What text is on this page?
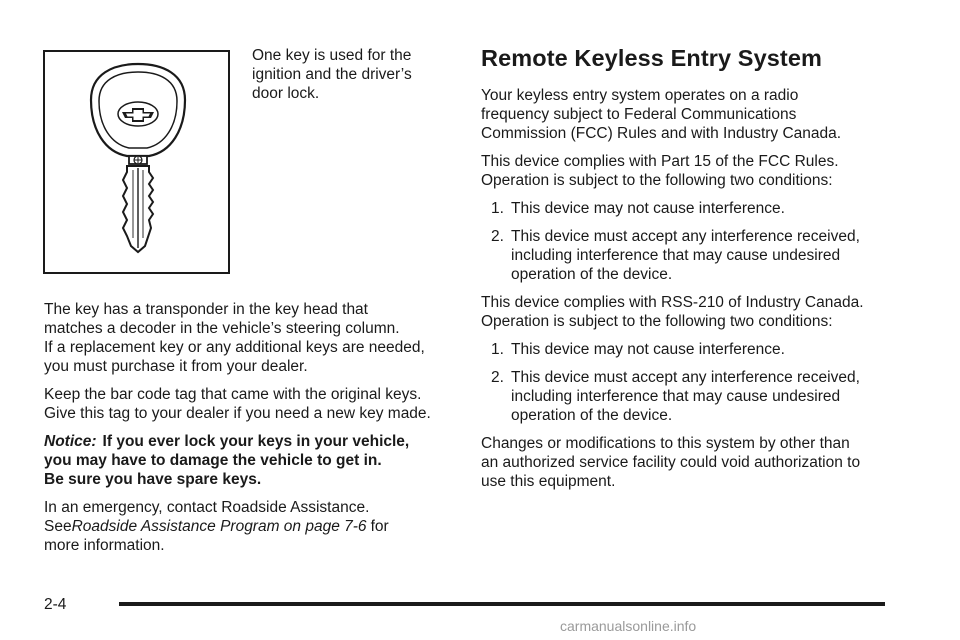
One key is used for the
ignition and the driver’s
door lock.
The key has a transponder in the key head that
matches a decoder in the vehicle’s steering column.
If a replacement key or any additional keys are needed,
you must purchase it from your dealer.
Keep the bar code tag that came with the original keys.
Give this tag to your dealer if you need a new key made.
Notice: If you ever lock your keys in your vehicle,
you may have to damage the vehicle to get in.
Be sure you have spare keys.
In an emergency, contact Roadside Assistance.
SeeRoadside Assistance Program on page 7-6 for
more information.
Remote Keyless Entry System
Your keyless entry system operates on a radio
frequency subject to Federal Communications
Commission (FCC) Rules and with Industry Canada.
This device complies with Part 15 of the FCC Rules.
Operation is subject to the following two conditions:
1. This device may not cause interference.
2. This device must accept any interference received,
including interference that may cause undesired
operation of the device.
This device complies with RSS-210 of Industry Canada.
Operation is subject to the following two conditions:
1. This device may not cause interference.
2. This device must accept any interference received,
including interference that may cause undesired
operation of the device.
Changes or modifications to this system by other than
an authorized service facility could void authorization to
use this equipment.
2-4
carmanualsonline.info
